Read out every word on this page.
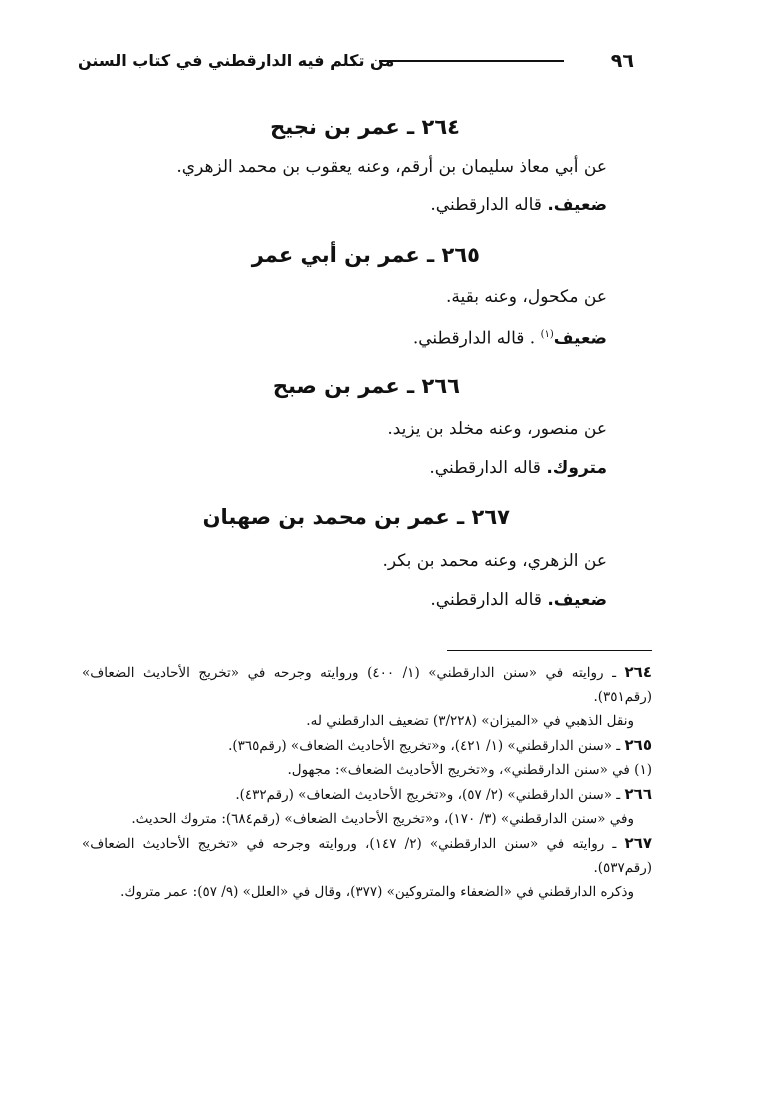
٩٦
من تكلم فيه الدارقطني في كتاب السنن
٢٦٤ ـ عمر بن نجيح
عن أبي معاذ سليمان بن أرقم، وعنه يعقوب بن محمد الزهري.
ضعيف. قاله الدارقطني.
٢٦٥ ـ عمر بن أبي عمر
عن مكحول، وعنه بقية.
ضعيف$^{(١)}$ . قاله الدارقطني.
٢٦٦ ـ عمر بن صبح
عن منصور، وعنه مخلد بن يزيد.
متروك. قاله الدارقطني.
٢٦٧ ـ عمر بن محمد بن صهبان
عن الزهري، وعنه محمد بن بكر.
ضعيف. قاله الدارقطني.

٢٦٤ ـ روايته في «سنن الدارقطني» (١/ ٤٠٠) وروايته وجرحه في «تخريج الأحاديث الضعاف» (رقم٣٥١).

ونقل الذهبي في «الميزان» (٣/٢٢٨) تضعيف الدارقطني له.

٢٦٥ ـ «سنن الدارقطني» (١/ ٤٢١)، و«تخريج الأحاديث الضعاف» (رقم٣٦٥).

(١) في «سنن الدارقطني»، و«تخريج الأحاديث الضعاف»: مجهول.

٢٦٦ ـ «سنن الدارقطني» (٢/ ٥٧)، و«تخريج الأحاديث الضعاف» (رقم٤٣٢).

وفي «سنن الدارقطني» (٣/ ١٧٠)، و«تخريج الأحاديث الضعاف» (رقم٦٨٤): متروك الحديث.

٢٦٧ ـ روايته في «سنن الدارقطني» (٢/ ١٤٧)، وروايته وجرحه في «تخريج الأحاديث الضعاف» (رقم٥٣٧).

وذكره الدارقطني في «الضعفاء والمتروكين» (٣٧٧)، وقال في «العلل» (٩/ ٥٧): عمر متروك.
